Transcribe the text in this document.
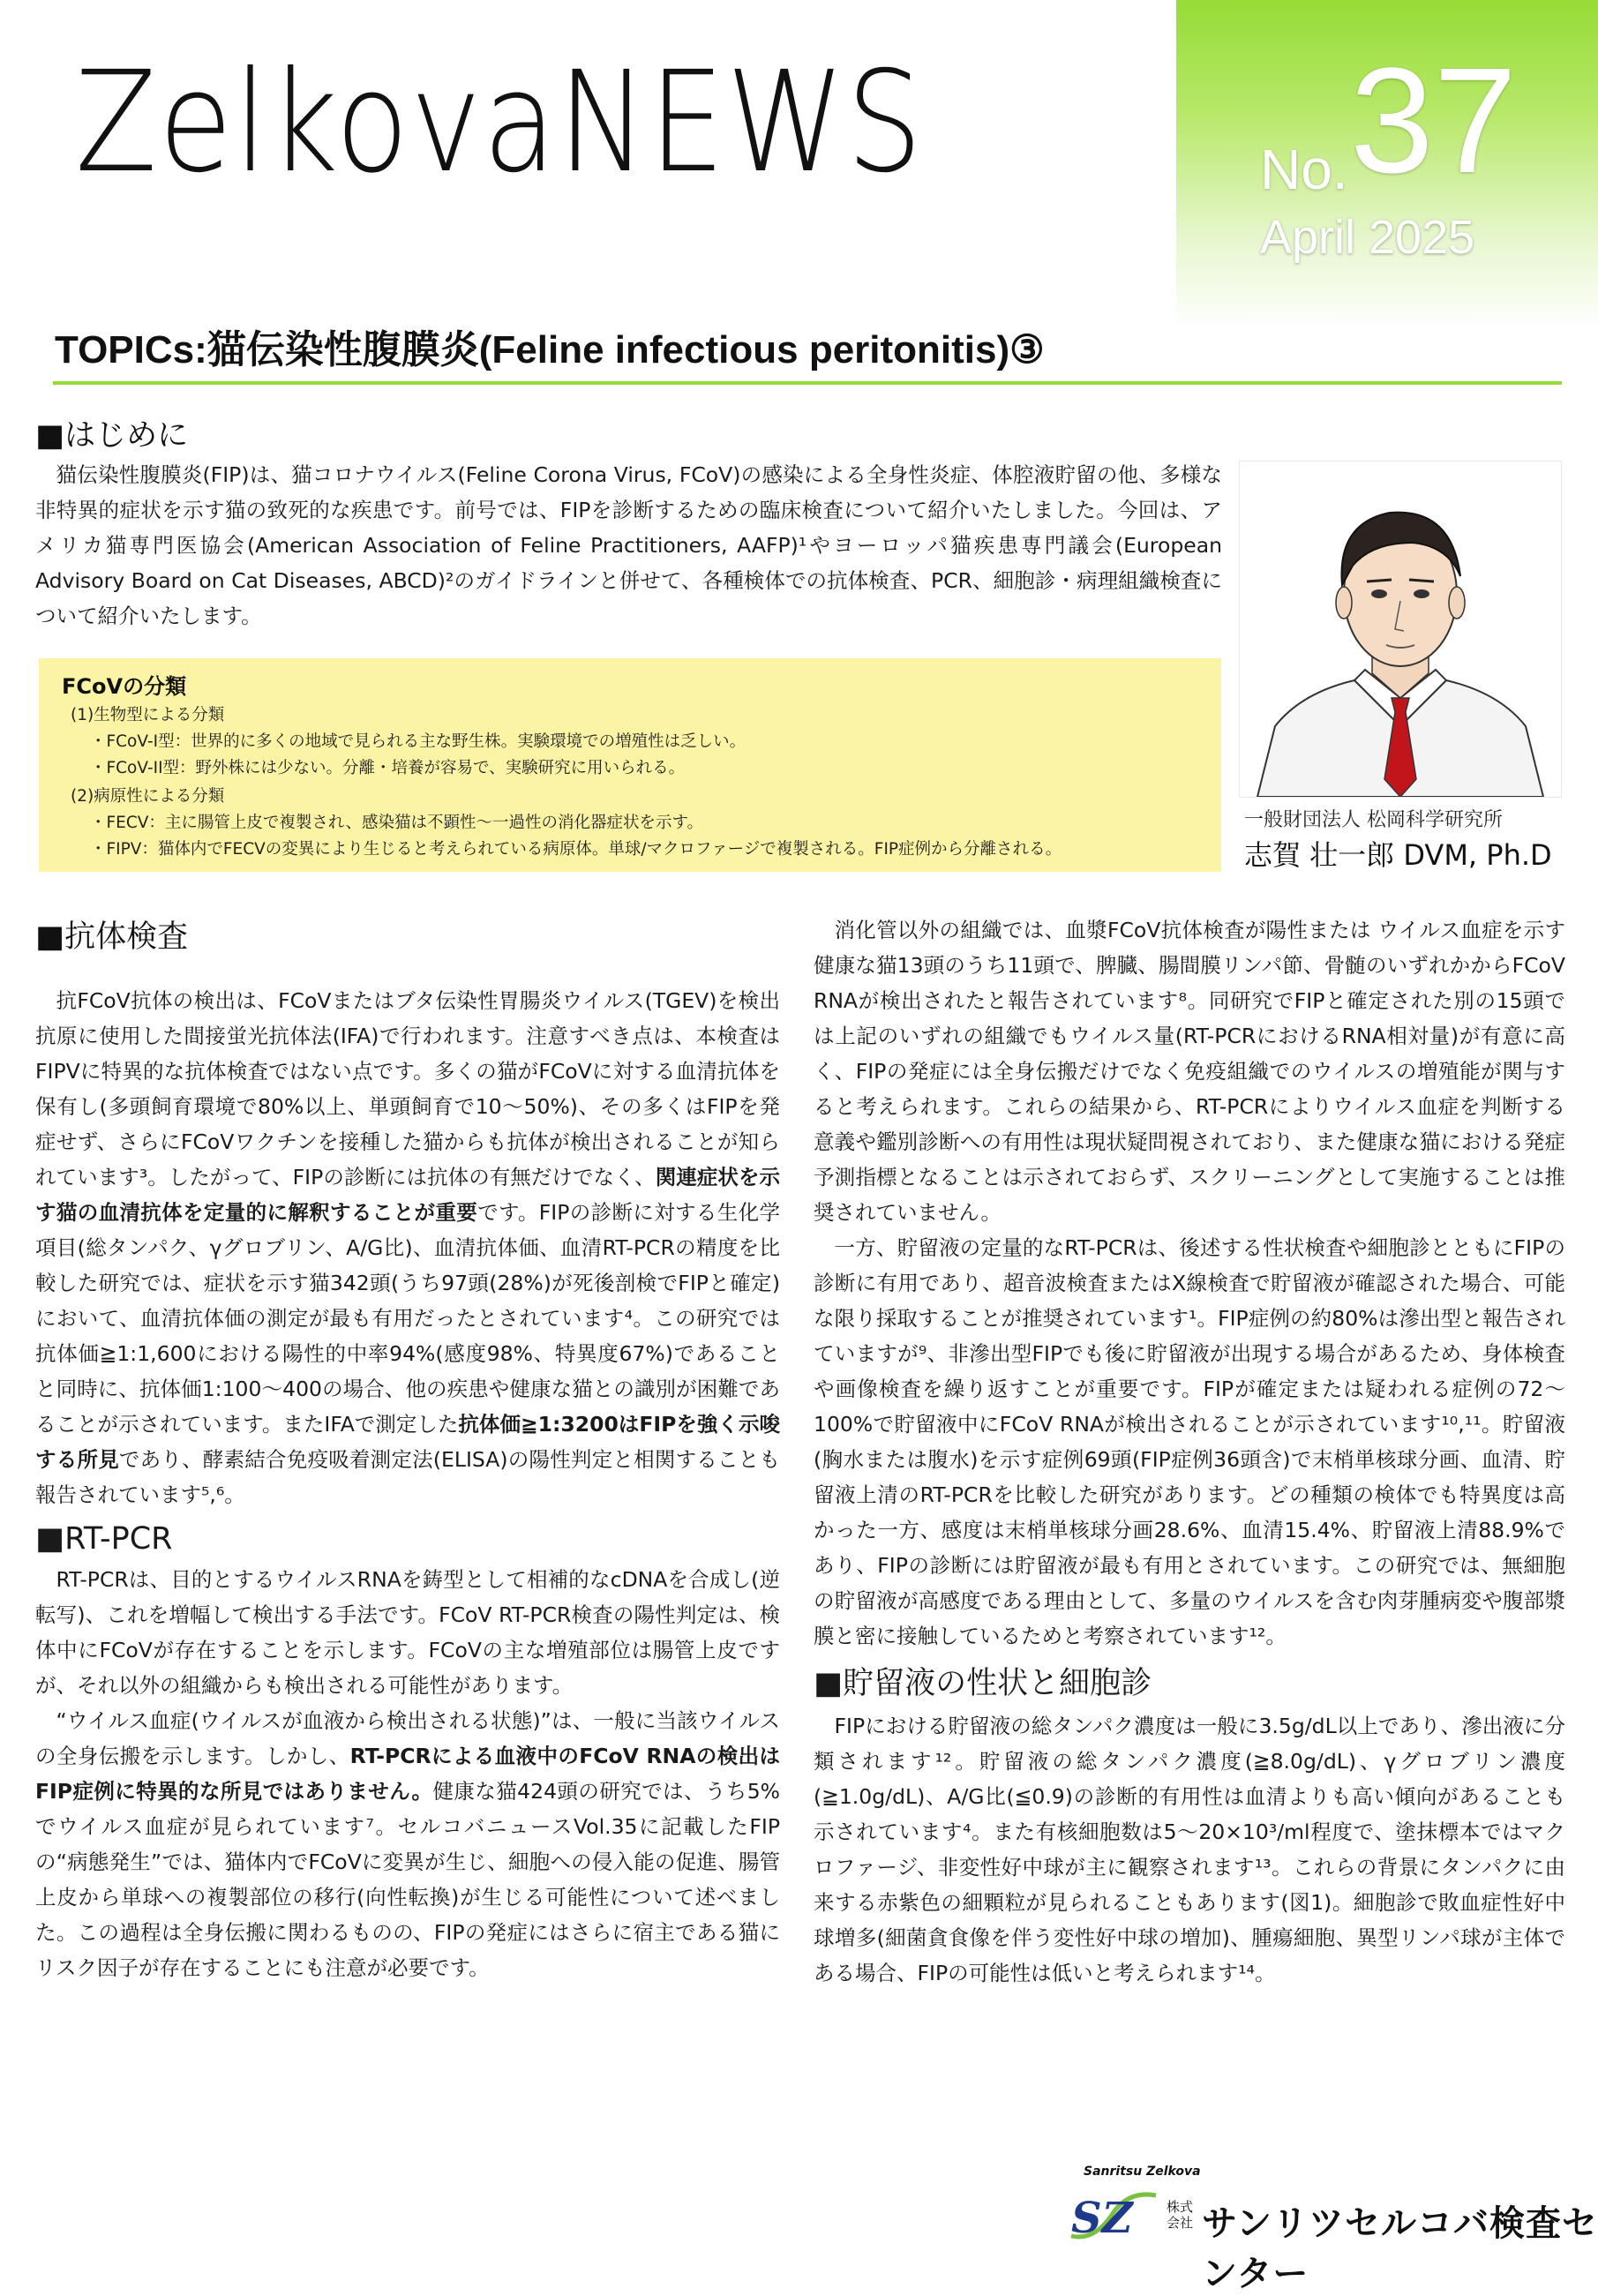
ZelkovaNEWS	No. 37
April 2025
TOPICs:猫伝染性腹膜炎(Feline infectious peritonitis)③
■はじめに

猫伝染性腹膜炎(FIP)は、猫コロナウイルス(Feline Corona Virus, FCoV)の感染による全身性炎症、体腔液貯留の他、多様な非特異的症状を示す猫の致死的な疾患です。前号では、FIPを診断するための臨床検査について紹介いたしました。今回は、アメリカ猫専門医協会(American Association of Feline Practitioners, AAFP)¹やヨーロッパ猫疾患専門議会(European Advisory Board on Cat Diseases, ABCD)²のガイドラインと併せて、各種検体での抗体検査、PCR、細胞診・病理組織検査について紹介いたします。

一般財団法人 松岡科学研究所
志賀 壮一郎 DVM, Ph.D
FCoVの分類
(1)生物型による分類
・FCoV-I型：世界的に多くの地域で見られる主な野生株。実験環境での増殖性は乏しい。
・FCoV-II型：野外株には少ない。分離・培養が容易で、実験研究に用いられる。
(2)病原性による分類
・FECV：主に腸管上皮で複製され、感染猫は不顕性〜一過性の消化器症状を示す。
・FIPV：猫体内でFECVの変異により生じると考えられている病原体。単球/マクロファージで複製される。FIP症例から分離される。
■抗体検査

抗FCoV抗体の検出は、FCoVまたはブタ伝染性胃腸炎ウイルス(TGEV)を検出抗原に使用した間接蛍光抗体法(IFA)で行われます。注意すべき点は、本検査はFIPVに特異的な抗体検査ではない点です。多くの猫がFCoVに対する血清抗体を保有し(多頭飼育環境で80%以上、単頭飼育で10〜50%)、その多くはFIPを発症せず、さらにFCoVワクチンを接種した猫からも抗体が検出されることが知られています³。したがって、FIPの診断には抗体の有無だけでなく、関連症状を示す猫の血清抗体を定量的に解釈することが重要です。FIPの診断に対する生化学項目(総タンパク、γグロブリン、A/G比)、血清抗体価、血清RT-PCRの精度を比較した研究では、症状を示す猫342頭(うち97頭(28%)が死後剖検でFIPと確定)において、血清抗体価の測定が最も有用だったとされています⁴。この研究では抗体価≧1:1,600における陽性的中率94%(感度98%、特異度67%)であることと同時に、抗体価1:100〜400の場合、他の疾患や健康な猫との識別が困難であることが示されています。またIFAで測定した抗体価≧1:3200はFIPを強く示唆する所見であり、酵素結合免疫吸着測定法(ELISA)の陽性判定と相関することも報告されています⁵,⁶。

■RT-PCR

RT-PCRは、目的とするウイルスRNAを鋳型として相補的なcDNAを合成し(逆転写)、これを増幅して検出する手法です。FCoV RT-PCR検査の陽性判定は、検体中にFCoVが存在することを示します。FCoVの主な増殖部位は腸管上皮ですが、それ以外の組織からも検出される可能性があります。

“ウイルス血症(ウイルスが血液から検出される状態)”は、一般に当該ウイルスの全身伝搬を示します。しかし、RT-PCRによる血液中のFCoV RNAの検出はFIP症例に特異的な所見ではありません。健康な猫424頭の研究では、うち5%でウイルス血症が見られています⁷。セルコバニュースVol.35に記載したFIPの“病態発生”では、猫体内でFCoVに変異が生じ、細胞への侵入能の促進、腸管上皮から単球への複製部位の移行(向性転換)が生じる可能性について述べました。この過程は全身伝搬に関わるものの、FIPの発症にはさらに宿主である猫にリスク因子が存在することにも注意が必要です。

消化管以外の組織では、血漿FCoV抗体検査が陽性または ウイルス血症を示す健康な猫13頭のうち11頭で、脾臓、腸間膜リンパ節、骨髄のいずれかからFCoV RNAが検出されたと報告されています⁸。同研究でFIPと確定された別の15頭では上記のいずれの組織でもウイルス量(RT-PCRにおけるRNA相対量)が有意に高く、FIPの発症には全身伝搬だけでなく免疫組織でのウイルスの増殖能が関与すると考えられます。これらの結果から、RT-PCRによりウイルス血症を判断する意義や鑑別診断への有用性は現状疑問視されており、また健康な猫における発症予測指標となることは示されておらず、スクリーニングとして実施することは推奨されていません。

一方、貯留液の定量的なRT-PCRは、後述する性状検査や細胞診とともにFIPの診断に有用であり、超音波検査またはX線検査で貯留液が確認された場合、可能な限り採取することが推奨されています¹。FIP症例の約80%は滲出型と報告されていますが⁹、非滲出型FIPでも後に貯留液が出現する場合があるため、身体検査や画像検査を繰り返すことが重要です。FIPが確定または疑われる症例の72〜100%で貯留液中にFCoV RNAが検出されることが示されています¹⁰,¹¹。貯留液(胸水または腹水)を示す症例69頭(FIP症例36頭含)で末梢単核球分画、血清、貯留液上清のRT-PCRを比較した研究があります。どの種類の検体でも特異度は高かった一方、感度は末梢単核球分画28.6%、血清15.4%、貯留液上清88.9%であり、FIPの診断には貯留液が最も有用とされています。この研究では、無細胞の貯留液が高感度である理由として、多量のウイルスを含む肉芽腫病変や腹部漿膜と密に接触しているためと考察されています¹²。

■貯留液の性状と細胞診

FIPにおける貯留液の総タンパク濃度は一般に3.5g/dL以上であり、滲出液に分類されます¹²。貯留液の総タンパク濃度(≧8.0g/dL)、γグロブリン濃度(≧1.0g/dL)、A/G比(≦0.9)の診断的有用性は血清よりも高い傾向があることも示されています⁴。また有核細胞数は5〜20×10³/ml程度で、塗抹標本ではマクロファージ、非変性好中球が主に観察されます¹³。これらの背景にタンパクに由来する赤紫色の細顆粒が見られることもあります(図1)。細胞診で敗血症性好中球増多(細菌貪食像を伴う変性好中球の増加)、腫瘍細胞、異型リンパ球が主体である場合、FIPの可能性は低いと考えられます¹⁴。

SZ
Sanritsu Zelkova
株式会社 サンリツセルコバ検査センター
